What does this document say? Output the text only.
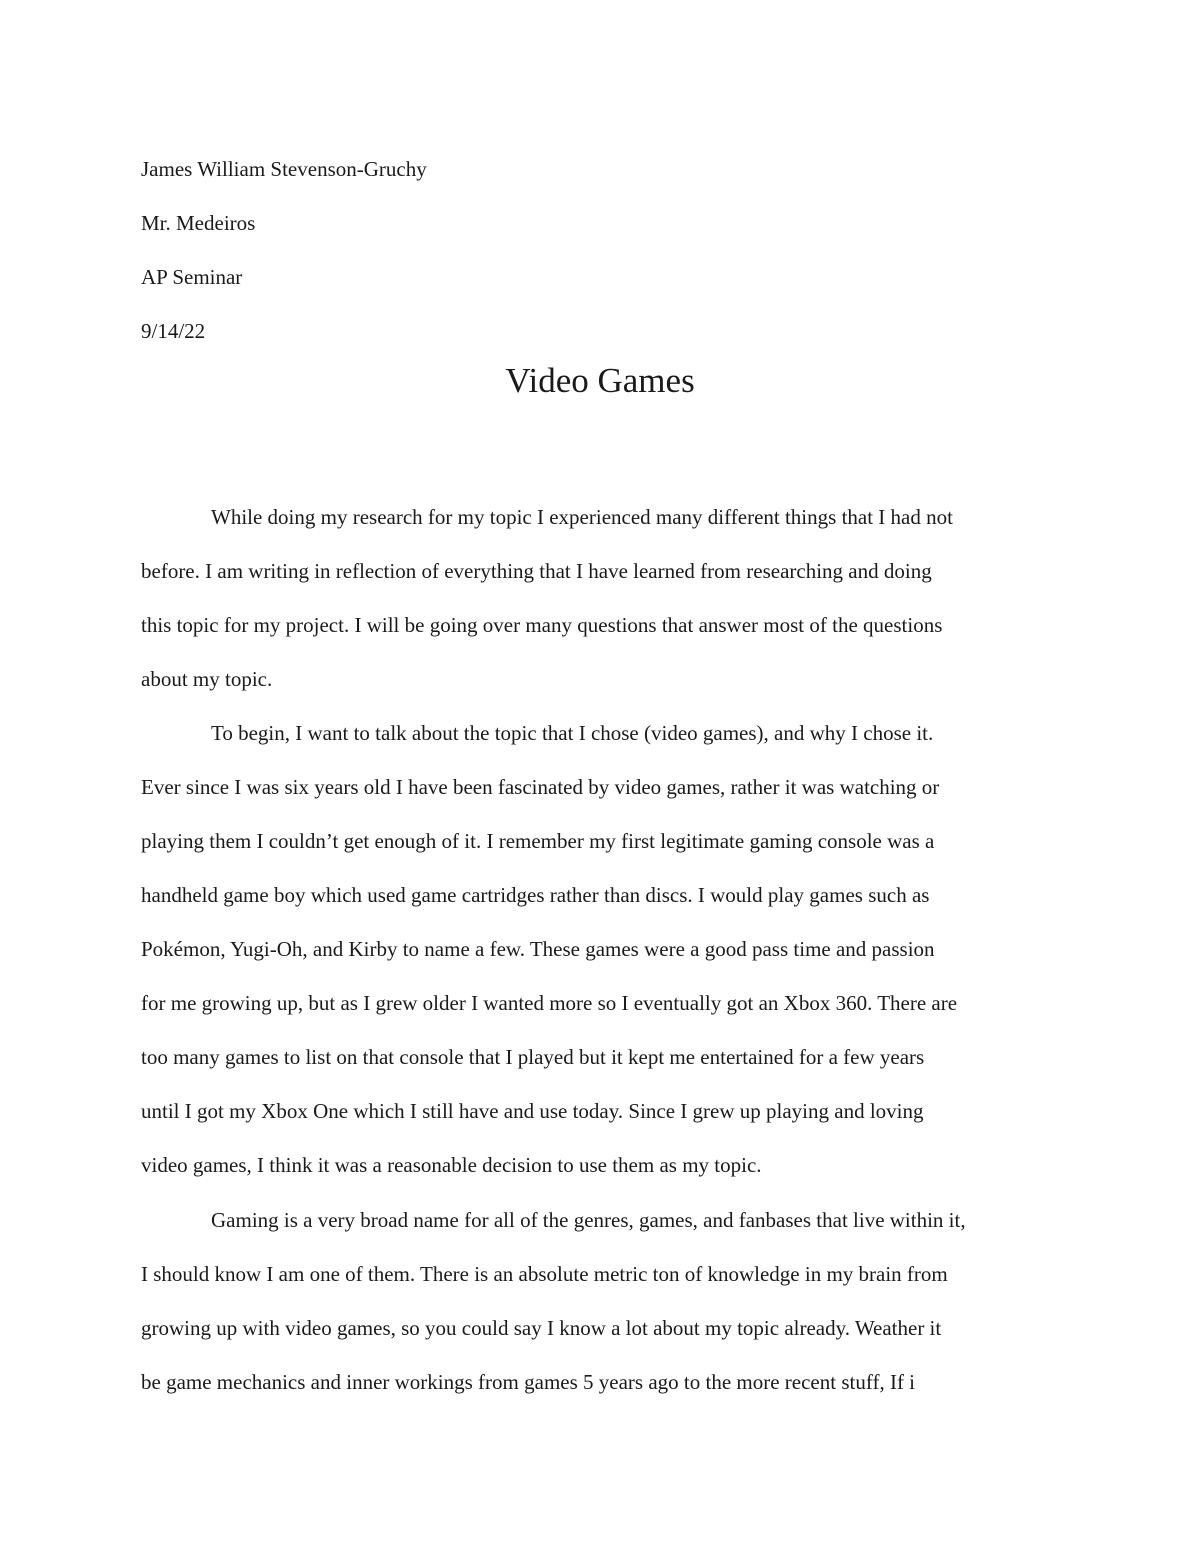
James William Stevenson-Gruchy
Mr. Medeiros
AP Seminar
9/14/22
Video Games
While doing my research for my topic I experienced many different things that I had not
before. I am writing in reflection of everything that I have learned from researching and doing
this topic for my project. I will be going over many questions that answer most of the questions
about my topic.
To begin, I want to talk about the topic that I chose (video games), and why I chose it.
Ever since I was six years old I have been fascinated by video games, rather it was watching or
playing them I couldn’t get enough of it. I remember my first legitimate gaming console was a
handheld game boy which used game cartridges rather than discs. I would play games such as
Pokémon, Yugi-Oh, and Kirby to name a few. These games were a good pass time and passion
for me growing up, but as I grew older I wanted more so I eventually got an Xbox 360. There are
too many games to list on that console that I played but it kept me entertained for a few years
until I got my Xbox One which I still have and use today. Since I grew up playing and loving
video games, I think it was a reasonable decision to use them as my topic.
Gaming is a very broad name for all of the genres, games, and fanbases that live within it,
I should know I am one of them. There is an absolute metric ton of knowledge in my brain from
growing up with video games, so you could say I know a lot about my topic already. Weather it
be game mechanics and inner workings from games 5 years ago to the more recent stuff, If i
